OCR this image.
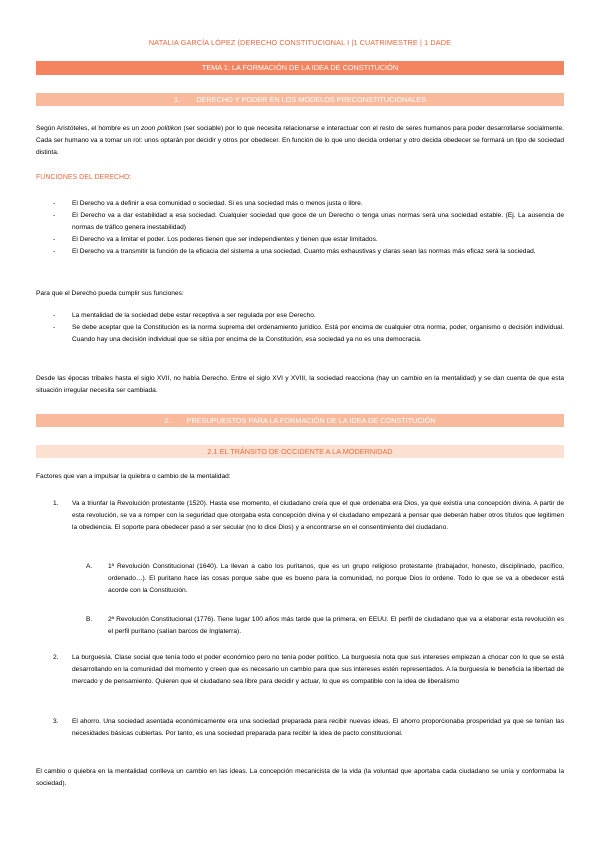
NATALIA GARCÍA LÓPEZ (DERECHO CONSTITUCIONAL I |1 CUATRIMESTRE | 1 DADE
TEMA 1: LA FORMACIÓN DE LA IDEA DE CONSTITUCIÓN
1.        DERECHO Y PODER EN LOS MODELOS PRECONSTITUCIONALES

Según Aristóteles, el hombre es un zoon politikon (ser sociable) por lo que necesita relacionarse e interactuar con el resto de seres humanos para poder desarrollarse socialmente. Cada ser humano va a tomar un rol: unos optarán por decidir y otros por obedecer. En función de lo que uno decida ordenar y otro decida obedecer se formará un tipo de sociedad distinta.

FUNCIONES DEL DERECHO:

-	El Derecho va a definir a esa comunidad o sociedad. Si es una sociedad más o menos justa o libre.
-	El Derecho va a dar estabilidad a esa sociedad. Cualquier sociedad que goce de un Derecho o tenga unas normas será una sociedad estable. (Ej. La ausencia de normas de tráfico genera inestabilidad)
-	El Derecho va a limitar el poder. Los poderes tienen que ser independientes y tienen que estar limitados.
-	El Derecho va a transmitir la función de la eficacia del sistema a una sociedad. Cuanto más exhaustivas y claras sean las normas más eficaz será la sociedad.

Para que el Derecho pueda cumplir sus funciones:

-	La mentalidad de la sociedad debe estar receptiva a ser regulada por ese Derecho.
-	Se debe aceptar que la Constitución es la norma suprema del ordenamiento jurídico. Está por encima de cualquier otra norma, poder, organismo o decisión individual. Cuando hay una decisión individual que se sitúa por encima de la Constitución, esa sociedad ya no es una democracia.

Desde las épocas tribales hasta el siglo XVII, no había Derecho. Entre el siglo XVI y XVIII, la sociedad reacciona (hay un cambio en la mentalidad) y se dan cuenta de que esta situación irregular necesita ser cambiada.

2.        PRESUPUESTOS PARA LA FORMACIÓN DE LA IDEA DE CONSTITUCIÓN
2.1 EL TRÁNSITO DE OCCIDENTE A LA MODERNIDAD

Factores que van a impulsar la quiebra o cambio de la mentalidad:

1. Va a triunfar la Revolución protestante (1520). Hasta ese momento, el ciudadano creía que el que ordenaba era Dios, ya que existía una concepción divina. A partir de esta revolución, se va a romper con la seguridad que otorgaba esta concepción divina y el ciudadano empezará a pensar que deberán haber otros títulos que legitimen la obediencia. El soporte para obedecer pasó a ser secular (no lo dice Dios) y a encontrarse en el consentimiento del ciudadano.
A. 1ª Revolución Constitucional (1640). La llevan a cabo los puritanos, que es un grupo religioso protestante (trabajador, honesto, disciplinado, pacífico, ordenado…). El puritano hace las cosas porque sabe que es bueno para la comunidad, no porque Dios lo ordene. Todo lo que se va a obedecer está acorde con la Constitución.
B. 2ª Revolución Constitucional (1776). Tiene lugar 100 años más tarde que la primera, en EEUU. El perfil de ciudadano que va a elaborar esta revolución es el perfil puritano (salían barcos de Inglaterra).
2. La burguesía. Clase social que tenía todo el poder económico pero no tenía poder político. La burguesía nota que sus intereses empiezan a chocar con lo que se está desarrollando en la comunidad del momento y creen que es necesario un cambio para que sus intereses estén representados. A la burguesía le beneficia la libertad de mercado y de pensamiento. Quieren que el ciudadano sea libre para decidir y actuar, lo que es compatible con la idea de liberalismo
3. El ahorro. Una sociedad asentada económicamente era una sociedad preparada para recibir nuevas ideas. El ahorro proporcionaba prosperidad ya que se tenían las necesidades básicas cubiertas. Por tanto, es una sociedad preparada para recibir la idea de pacto constitucional.

El cambio o quiebra en la mentalidad conlleva un cambio en las ideas. La concepción mecanicista de la vida (la voluntad que aportaba cada ciudadano se unía y conformaba la sociedad).
